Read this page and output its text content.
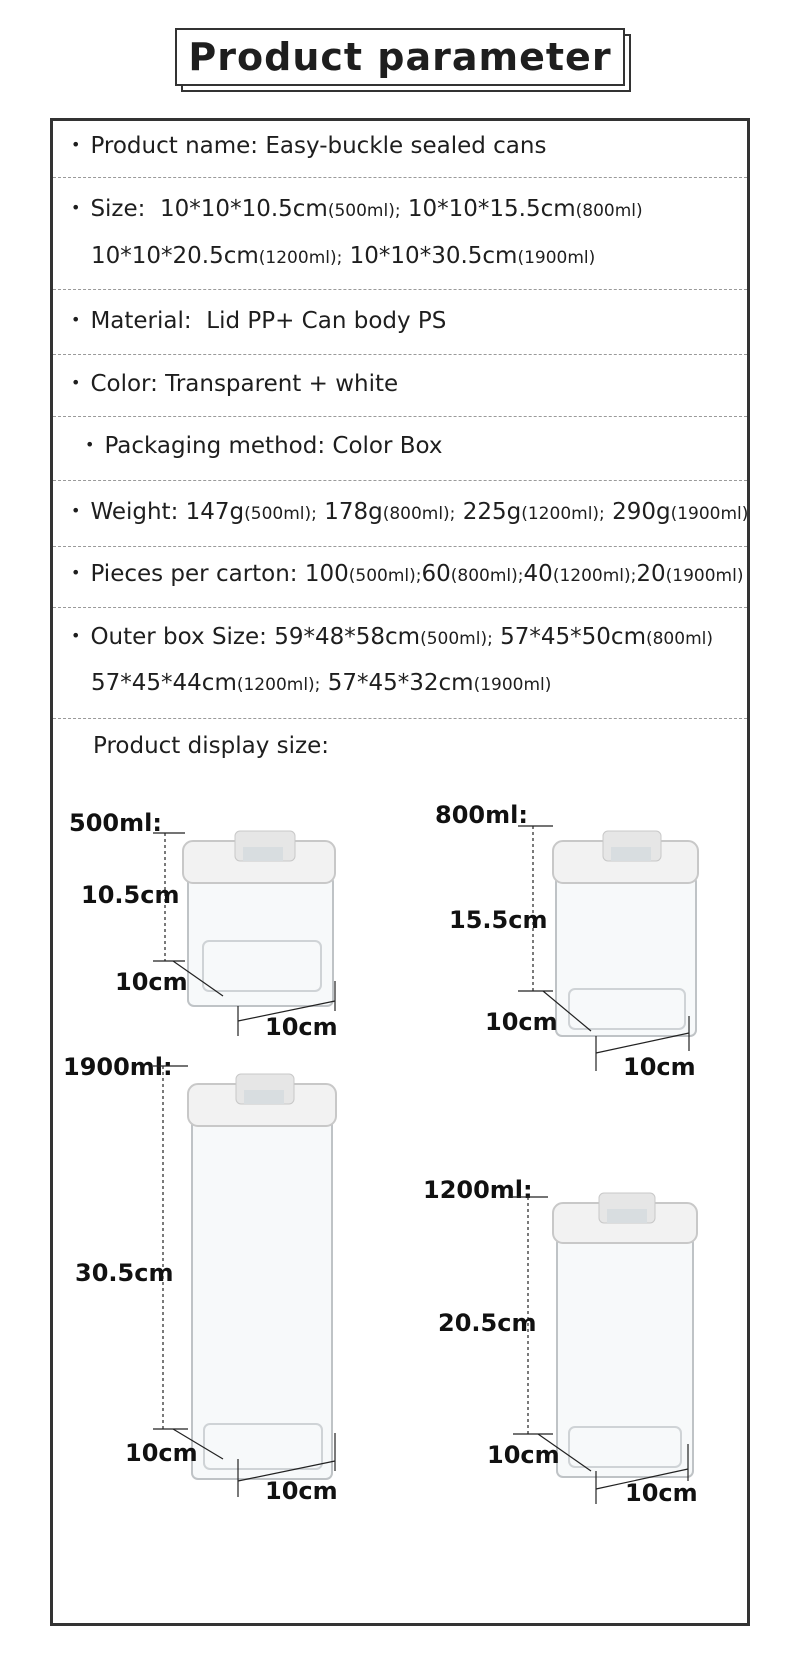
Product parameter
• Product name: Easy-buckle sealed cans
• Size: 10*10*10.5cm(500ml); 10*10*15.5cm(800ml)
10*10*20.5cm(1200ml); 10*10*30.5cm(1900ml)
• Material: Lid PP+ Can body PS
• Color: Transparent + white
• Packaging method: Color Box
• Weight: 147g(500ml); 178g(800ml); 225g(1200ml); 290g(1900ml)
• Pieces per carton: 100(500ml);60(800ml);40(1200ml);20(1900ml)
• Outer box Size: 59*48*58cm(500ml); 57*45*50cm(800ml)
57*45*44cm(1200ml); 57*45*32cm(1900ml)
Product display size:
500ml:
10.5cm
10cm
10cm
800ml:
15.5cm
10cm
10cm
1900ml:
30.5cm
10cm
10cm
1200ml:
20.5cm
10cm
10cm
